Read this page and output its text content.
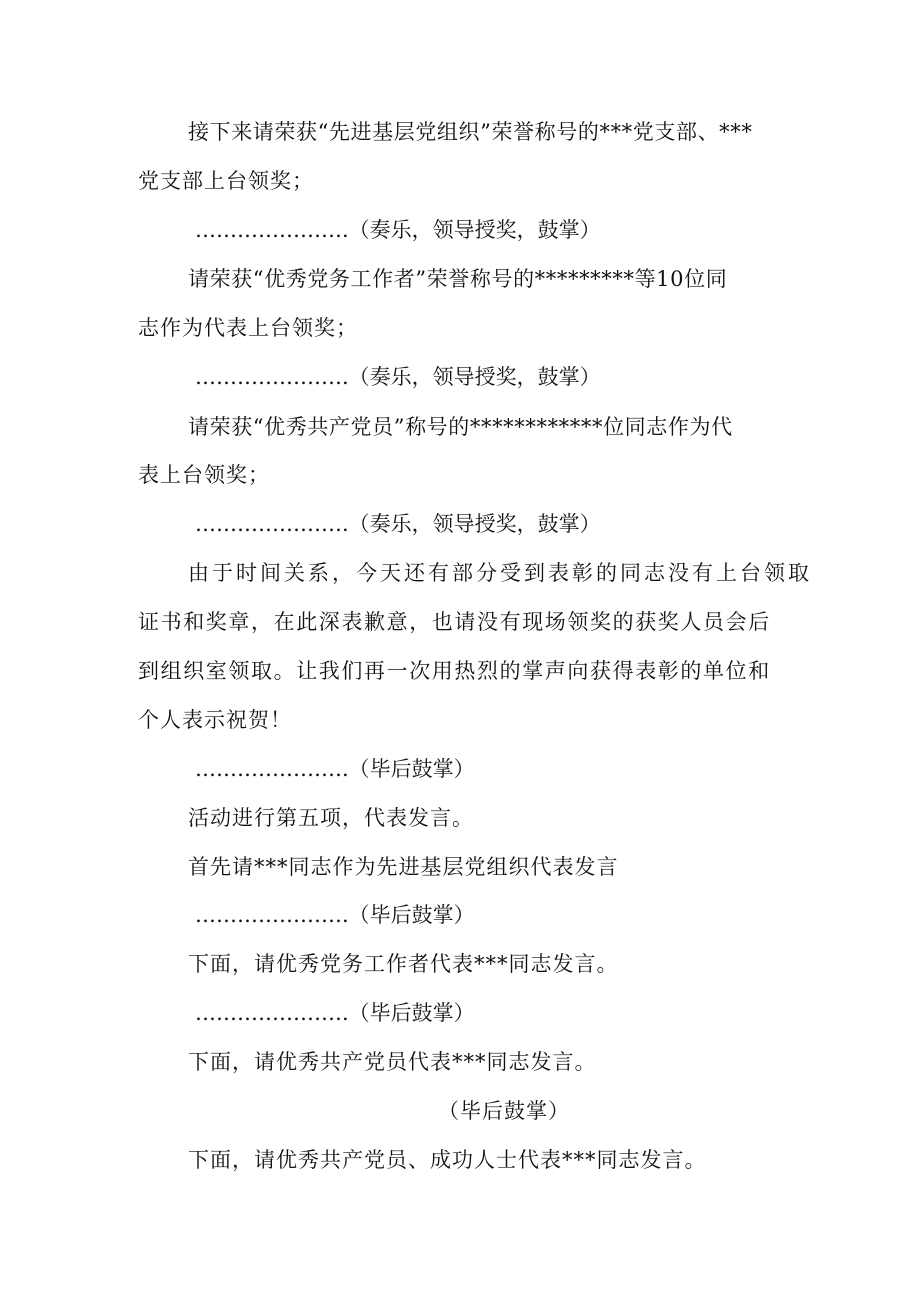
接下来请荣获“先进基层党组织”荣誉称号的***党支部、***
党支部上台领奖；
………………….（奏乐，领导授奖，鼓掌）
请荣获“优秀党务工作者”荣誉称号的*********等10位同
志作为代表上台领奖；
………………….（奏乐，领导授奖，鼓掌）
请荣获“优秀共产党员”称号的************位同志作为代
表上台领奖；
………………….（奏乐，领导授奖，鼓掌）
由于时间关系，今天还有部分受到表彰的同志没有上台领取
证书和奖章，在此深表歉意，也请没有现场领奖的获奖人员会后
到组织室领取。让我们再一次用热烈的掌声向获得表彰的单位和
个人表示祝贺！
………………….（毕后鼓掌）
活动进行第五项，代表发言。
首先请***同志作为先进基层党组织代表发言
………………….（毕后鼓掌）
下面，请优秀党务工作者代表***同志发言。
………………….（毕后鼓掌）
下面，请优秀共产党员代表***同志发言。
（毕后鼓掌）
下面，请优秀共产党员、成功人士代表***同志发言。
